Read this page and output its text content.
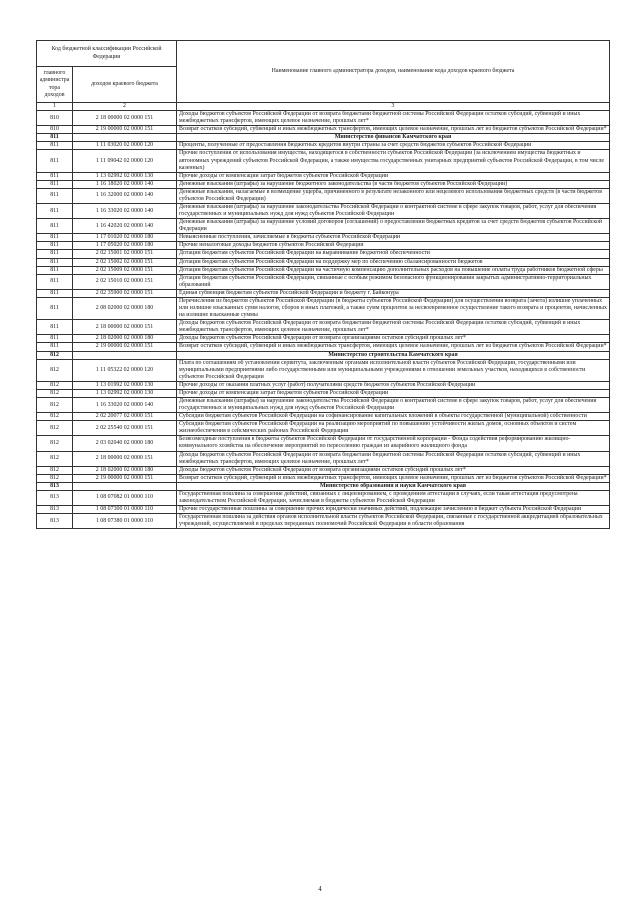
Код бюджетной классификации Российской Федерации		Наименование главного администратора доходов, наименование кода доходов краевого бюджета
главного администра тора доходов	доходов краевого бюджета	
1	2	3
810	2 18 00000 02 0000 151	Доходы бюджетов субъектов Российской Федерации от возврата бюджетами бюджетной системы Российской Федерации остатков субсидий, субвенций и иных межбюджетных трансфертов, имеющих целевое назначение, прошлых лет*
810	2 19 00000 02 0000 151	Возврат остатков субсидий, субвенций и иных межбюджетных трансфертов, имеющих целевое назначение, прошлых лет из бюджетов субъектов Российской Федерации*
811		Министерство финансов Камчатского края
811	1 11 03020 02 0000 120	Проценты, полученные от предоставления бюджетных кредитов внутри страны за счет средств бюджетов субъектов Российской Федерации
811	1 11 09042 02 0000 120	Прочие поступления от использования имущества, находящегося в собственности субъектов Российской Федерации (за исключением имущества бюджетных и автономных учреждений субъектов Российской Федерации, а также имущества государственных унитарных предприятий субъектов Российской Федерации, в том числе казенных)
811	1 13 02992 02 0000 130	Прочие доходы от компенсации затрат бюджетов субъектов Российской Федерации
811	1 16 18020 02 0000 140	Денежные взыскания (штрафы) за нарушение бюджетного законодательства (в части бюджетов субъектов Российской Федерации)
811	1 16 32000 02 0000 140	Денежные взыскания, налагаемые в возмещение ущерба, причиненного в результате незаконного или нецелевого использования бюджетных средств (в части бюджетов субъектов Российской Федерации)
811	1 16 33020 02 0000 140	Денежные взыскания (штрафы) за нарушение законодательства Российской Федерации о контрактной системе в сфере закупок товаров, работ, услуг для обеспечения государственных и муниципальных нужд для нужд субъектов Российской Федерации
811	1 16 42020 02 0000 140	Денежные взыскания (штрафы) за нарушение условий договоров (соглашений) о предоставлении бюджетных кредитов за счет средств бюджетов субъектов Российской Федерации
811	1 17 01020 02 0000 180	Невыясненные поступления, зачисляемые в бюджеты субъектов Российской Федерации
811	1 17 05020 02 0000 180	Прочие неналоговые доходы бюджетов субъектов Российской Федерации
811	2 02 15001 02 0000 151	Дотации бюджетам субъектов Российской Федерации на выравнивание бюджетной обеспеченности
811	2 02 15002 02 0000 151	Дотации бюджетам субъектов Российской Федерации на поддержку мер по обеспечению сбалансированности бюджетов
811	2 02 15009 02 0000 151	Дотации бюджетам субъектов Российской Федерации на частичную компенсацию дополнительных расходов на повышение оплаты труда работников бюджетной сферы
811	2 02 15010 02 0000 151	Дотации бюджетам субъектов Российской Федерации, связанные с особым режимом безопасного функционирования закрытых административно-территориальных образований
811	2 02 35900 02 0000 151	Единая субвенция бюджетам субъектов Российской Федерации и бюджету г. Байконура
811	2 08 02000 02 0000 180	Перечисления из бюджетов субъектов Российской Федерации (в бюджеты субъектов Российской Федерации) для осуществления возврата (зачета) излишне уплаченных или излишне взысканных сумм налогов, сборов и иных платежей, а также сумм процентов за несвоевременное осуществление такого возврата и процентов, начисленных на излишне взысканные суммы
811	2 18 00000 02 0000 151	Доходы бюджетов субъектов Российской Федерации от возврата бюджетами бюджетной системы Российской Федерации остатков субсидий, субвенций и иных межбюджетных трансфертов, имеющих целевое назначение, прошлых лет*
811	2 18 02000 02 0000 180	Доходы бюджетов субъектов Российской Федерации от возврата организациями остатков субсидий прошлых лет*
811	2 19 00000 02 0000 151	Возврат остатков субсидий, субвенций и иных межбюджетных трансфертов, имеющих целевое назначение, прошлых лет из бюджетов субъектов Российской Федерации*
812		Министерство строительства Камчатского края
812	1 11 05322 02 0000 120	Плата по соглашениям об установлении сервитута, заключенным органами исполнительной власти субъектов Российской Федерации, государственными или муниципальными предприятиями либо государственными или муниципальными учреждениями в отношении земельных участков, находящихся в собственности субъектов Российской Федерации
812	1 13 01992 02 0000 130	Прочие доходы от оказания платных услуг (работ) получателями средств бюджетов субъектов Российской Федерации
812	1 13 02992 02 0000 130	Прочие доходы от компенсации затрат бюджетов субъектов Российской Федерации
812	1 16 33020 02 0000 140	Денежные взыскания (штрафы) за нарушение законодательства Российской Федерации о контрактной системе в сфере закупок товаров, работ, услуг для обеспечения государственных и муниципальных нужд для нужд субъектов Российской Федерации
812	2 02 20077 02 0000 151	Субсидии бюджетам субъектов Российской Федерации на софинансирование капитальных вложений в объекты государственной (муниципальной) собственности
812	2 02 25540 02 0000 151	Субсидии бюджетам субъектов Российской Федерации на реализацию мероприятий по повышению устойчивости жилых домов, основных объектов и систем жизнеобеспечения в сейсмических районах Российской Федерации
812	2 03 02040 02 0000 180	Безвозмездные поступления в бюджеты субъектов Российской Федерации от государственной корпорации - Фонда содействия реформированию жилищно-коммунального хозяйства на обеспечение мероприятий по переселению граждан из аварийного жилищного фонда
812	2 18 00000 02 0000 151	Доходы бюджетов субъектов Российской Федерации от возврата бюджетами бюджетной системы Российской Федерации остатков субсидий, субвенций и иных межбюджетных трансфертов, имеющих целевое назначение, прошлых лет*
812	2 18 02000 02 0000 180	Доходы бюджетов субъектов Российской Федерации от возврата организациями остатков субсидий прошлых лет*
812	2 19 00000 02 0000 151	Возврат остатков субсидий, субвенций и иных межбюджетных трансфертов, имеющих целевое назначение, прошлых лет из бюджетов субъектов Российской Федерации*
813		Министерство образования и науки Камчатского края
813	1 08 07082 01 0000 110	Государственная пошлина за совершение действий, связанных с лицензированием, с проведением аттестации в случаях, если такая аттестация предусмотрена законодательством Российской Федерации, зачисляемая в бюджеты субъектов Российской Федерации
813	1 08 07300 01 0000 110	Прочие государственные пошлины за совершение прочих юридически значимых действий, подлежащие зачислению в бюджет субъекта Российской Федерации
813	1 08 07380 01 0000 110	Государственная пошлина за действия органов исполнительной власти субъектов Российской Федерации, связанные с государственной аккредитацией образовательных учреждений, осуществляемой в пределах переданных полномочий Российской Федерации в области образования
4
